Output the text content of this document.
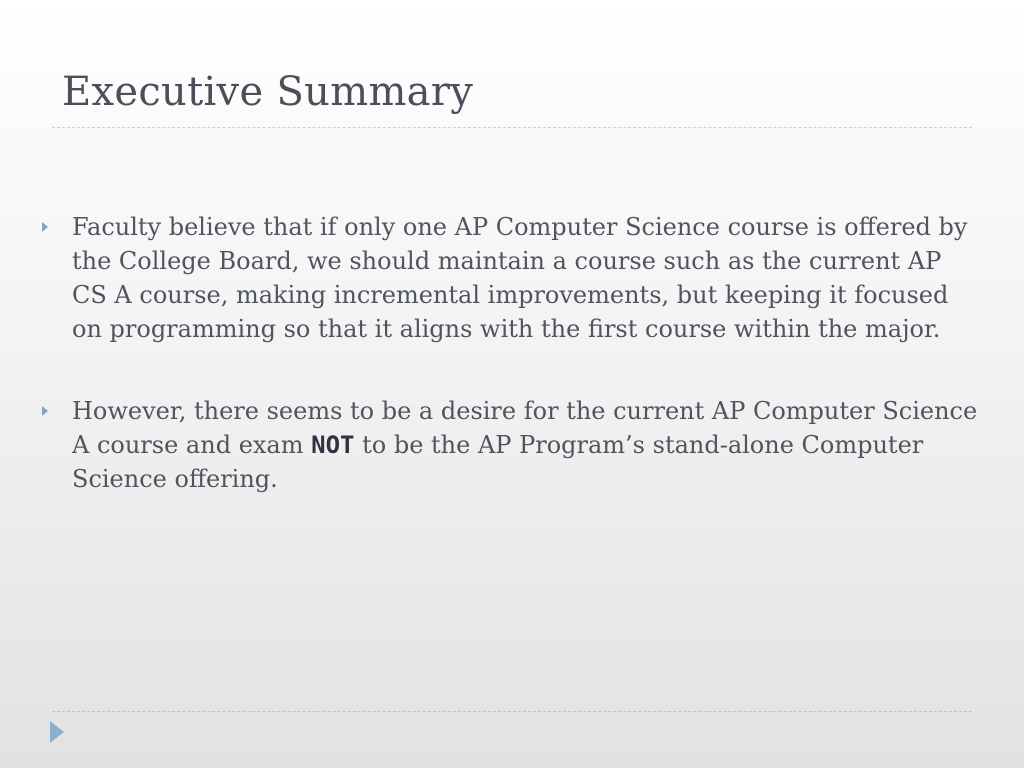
Executive Summary
Faculty believe that if only one AP Computer Science course is offered by the College Board, we should maintain a course such as the current AP CS A course, making incremental improvements, but keeping it focused on programming so that it aligns with the first course within the major.
However, there seems to be a desire for the current AP Computer Science A course and exam NOT to be the AP Program’s stand-alone Computer Science offering.
